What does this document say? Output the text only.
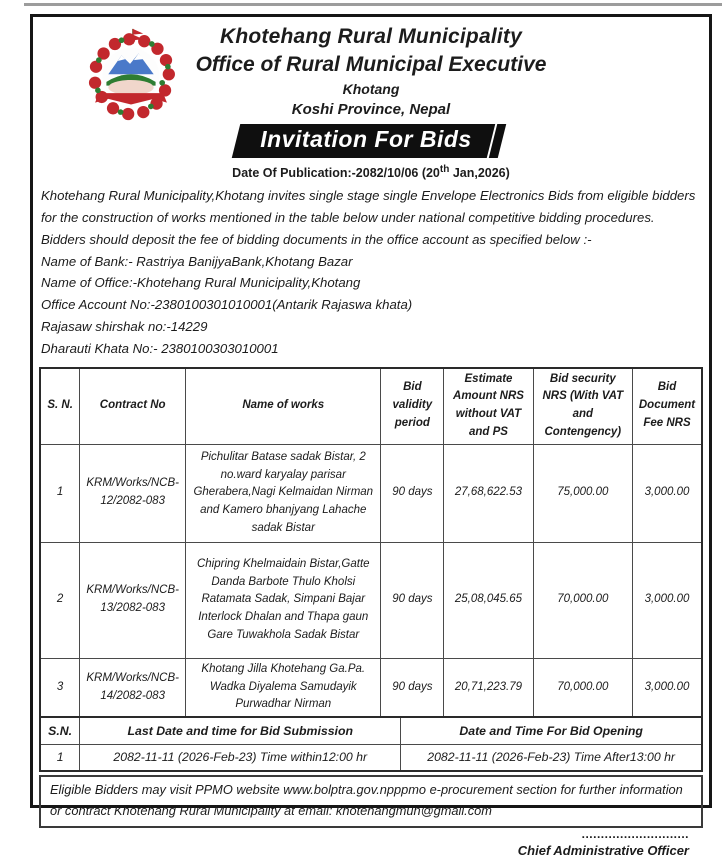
Khotehang Rural Municipality
Office of Rural Municipal Executive
Khotang
Koshi Province, Nepal
Invitation For Bids
Date Of Publication:-2082/10/06 (20th Jan,2026)
Khotehang Rural Municipality,Khotang invites single stage single Envelope Electronics Bids from eligible bidders for the construction of works mentioned in the table below under national competitive bidding procedures.
Bidders should deposit the fee of bidding documents in the office account as specified below :-
Name of Bank:- Rastriya BanijyaBank,Khotang Bazar
Name of Office:-Khotehang Rural Municipality,Khotang
Office Account No:-2380100301010001(Antarik Rajaswa khata)
Rajasaw shirshak no:-14229
Dharauti Khata No:- 2380100303010001
S. N.	Contract No	Name of works	Bid validity period	Estimate Amount NRS without VAT and PS	Bid security NRS (With VAT and Contengency)	Bid Document Fee NRS
1	KRM/Works/NCB-12/2082-083	Pichulitar Batase sadak Bistar, 2 no.ward karyalay parisar Gherabera,Nagi Kelmaidan Nirman and Kamero bhanjyang Lahache sadak Bistar	90 days	27,68,622.53	75,000.00	3,000.00
2	KRM/Works/NCB-13/2082-083	Chipring Khelmaidain Bistar,Gatte Danda Barbote Thulo Kholsi Ratamata Sadak, Simpani Bajar Interlock Dhalan and Thapa gaun Gare Tuwakhola Sadak Bistar	90 days	25,08,045.65	70,000.00	3,000.00
3	KRM/Works/NCB-14/2082-083	Khotang Jilla Khotehang Ga.Pa. Wadka Diyalema Samudayik Purwadhar Nirman	90 days	20,71,223.79	70,000.00	3,000.00
S.N.	Last Date and time for Bid Submission	Date and Time For Bid Opening
1	2082-11-11 (2026-Feb-23) Time within12:00 hr	2082-11-11 (2026-Feb-23) Time After13:00 hr
Eligible Bidders may visit PPMO website www.bolptra.gov.npppmo e-procurement section for further information or contract Khotehang Rural Municipality at email: khotehangmun@gmail.com
............................
Chief Administrative Officer
